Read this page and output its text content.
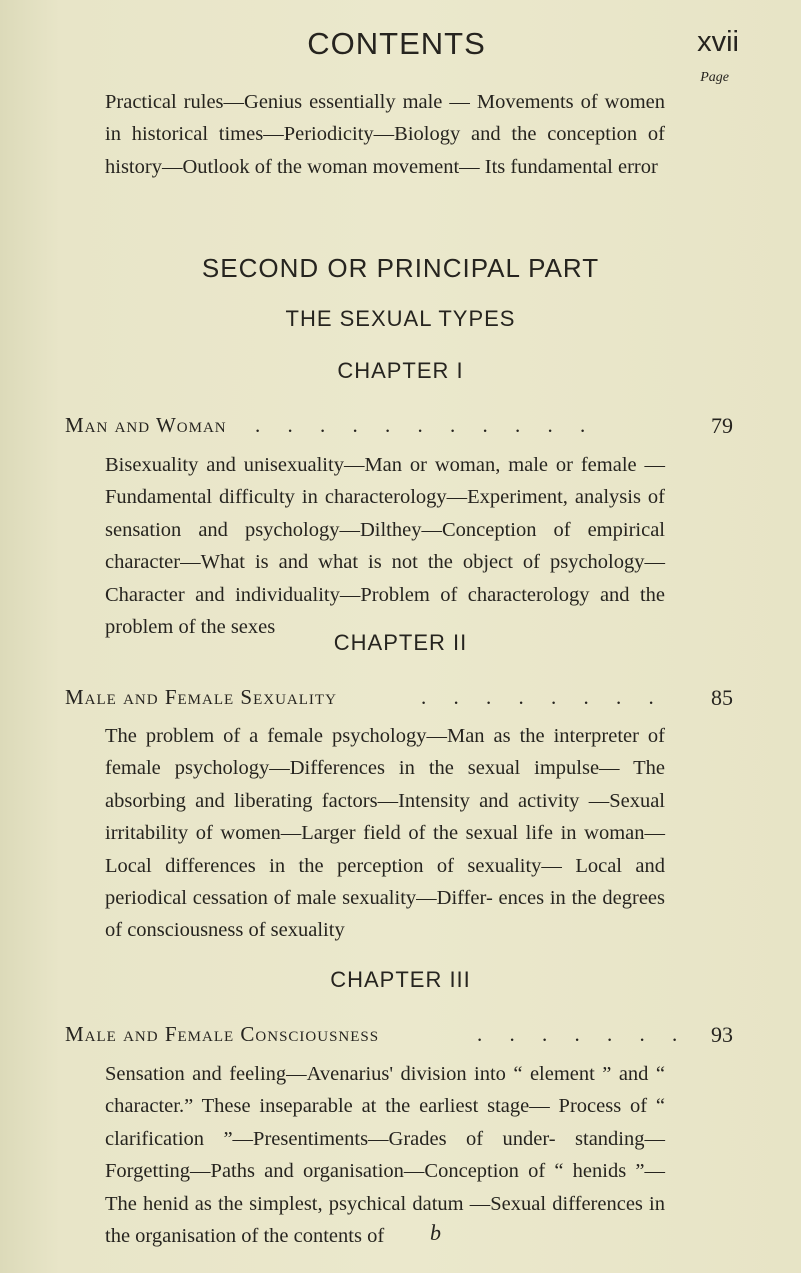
CONTENTS	xvii
Page
Practical rules—Genius essentially male — Movements of women in historical times—Periodicity—Biology and the conception of history—Outlook of the woman movement— Its fundamental error
SECOND OR PRINCIPAL PART
THE SEXUAL TYPES
CHAPTER I
Man and Woman . . . . . . . . . . .	79
Bisexuality and unisexuality—Man or woman, male or female —Fundamental difficulty in characterology—Experiment, analysis of sensation and psychology—Dilthey—Conception of empirical character—What is and what is not the object of psychology—Character and individuality—Problem of characterology and the problem of the sexes
CHAPTER II
Male and Female Sexuality	. . . . . . . . 85
The problem of a female psychology—Man as the interpreter of female psychology—Differences in the sexual impulse— The absorbing and liberating factors—Intensity and activity —Sexual irritability of women—Larger field of the sexual life in woman—Local differences in the perception of sexuality— Local and periodical cessation of male sexuality—Differ- ences in the degrees of consciousness of sexuality
CHAPTER III
Male and Female Consciousness	. . . . . . . 93
Sensation and feeling—Avenarius' division into “ element ” and “ character.” These inseparable at the earliest stage— Process of “ clarification ”—Presentiments—Grades of under- standing—Forgetting—Paths and organisation—Conception of “ henids ”—The henid as the simplest, psychical datum —Sexual differences in the organisation of the contents of	b
